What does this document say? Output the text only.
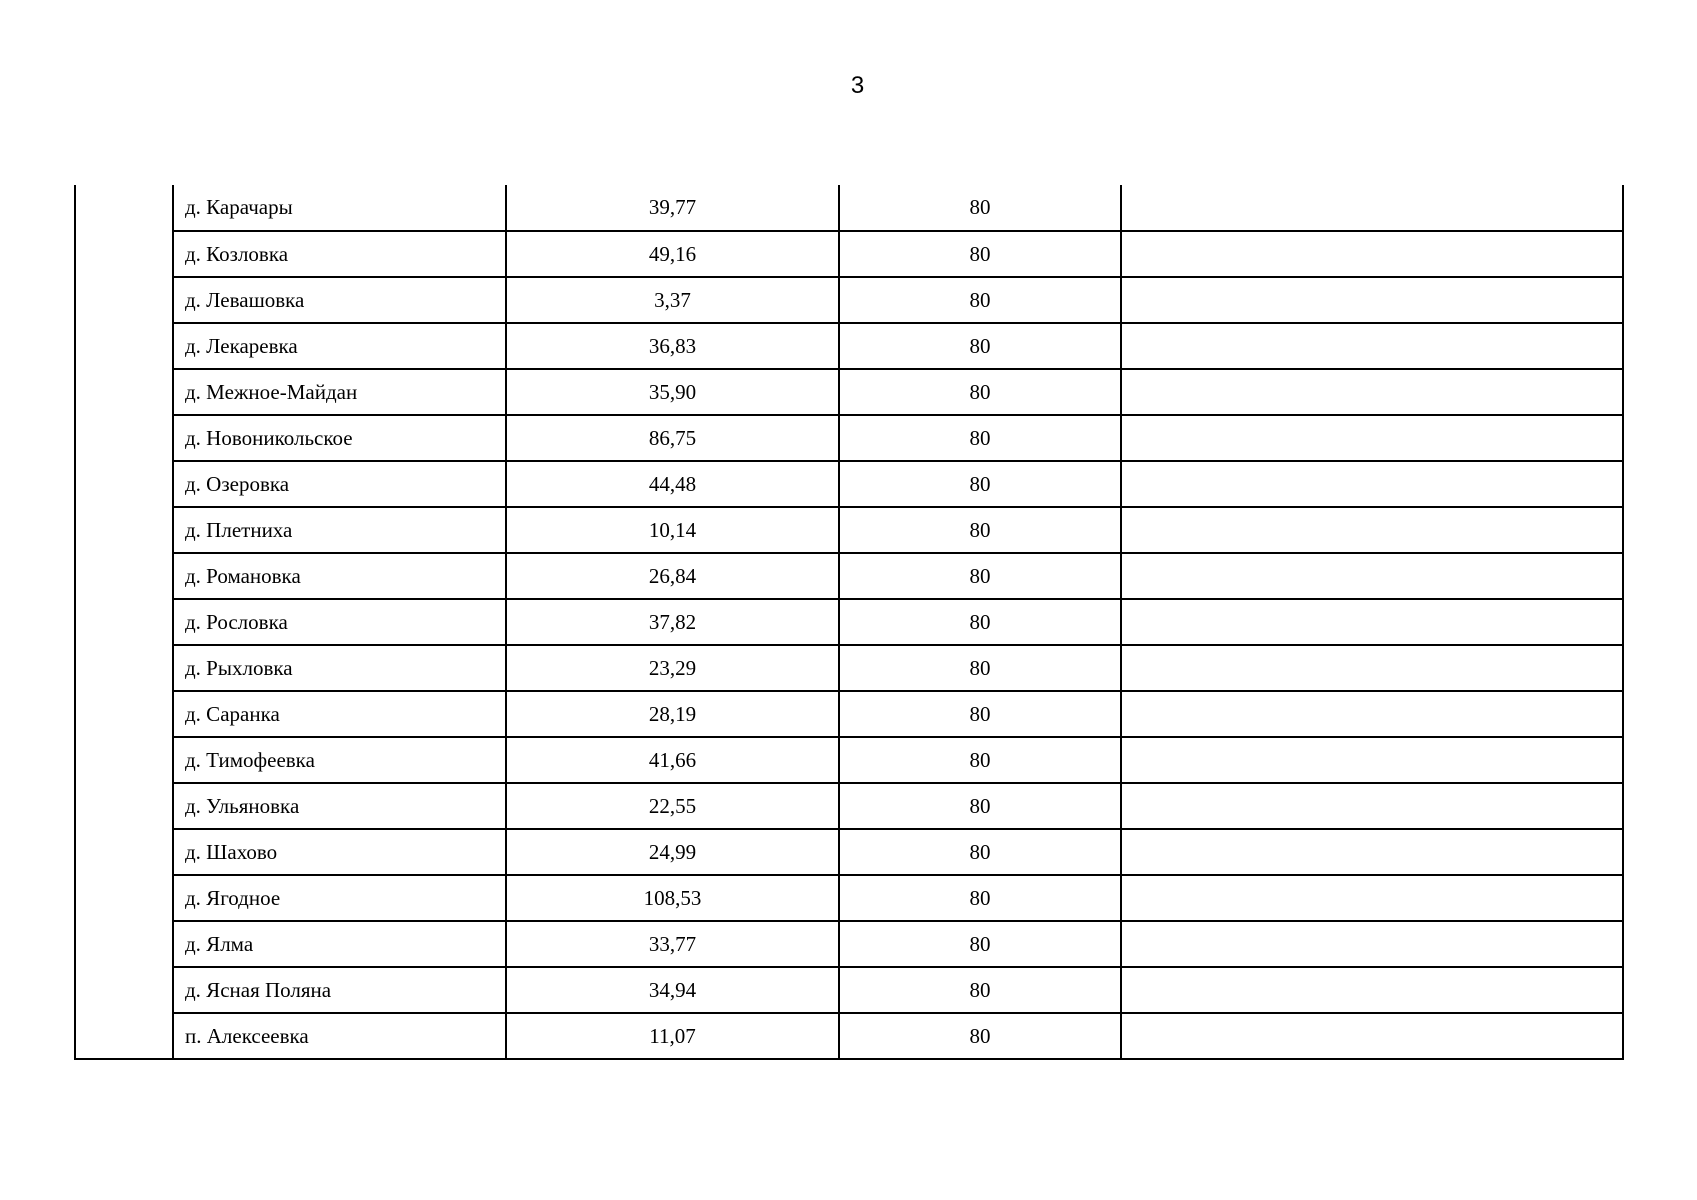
3
	д. Карачары	39,77	80	
	д. Козловка	49,16	80	
	д. Левашовка	3,37	80	
	д. Лекаревка	36,83	80	
	д. Межное-Майдан	35,90	80	
	д. Новоникольское	86,75	80	
	д. Озеровка	44,48	80	
	д. Плетниха	10,14	80	
	д. Романовка	26,84	80	
	д. Рословка	37,82	80	
	д. Рыхловка	23,29	80	
	д. Саранка	28,19	80	
	д. Тимофеевка	41,66	80	
	д. Ульяновка	22,55	80	
	д. Шахово	24,99	80	
	д. Ягодное	108,53	80	
	д. Ялма	33,77	80	
	д. Ясная Поляна	34,94	80	
	п. Алексеевка	11,07	80	
